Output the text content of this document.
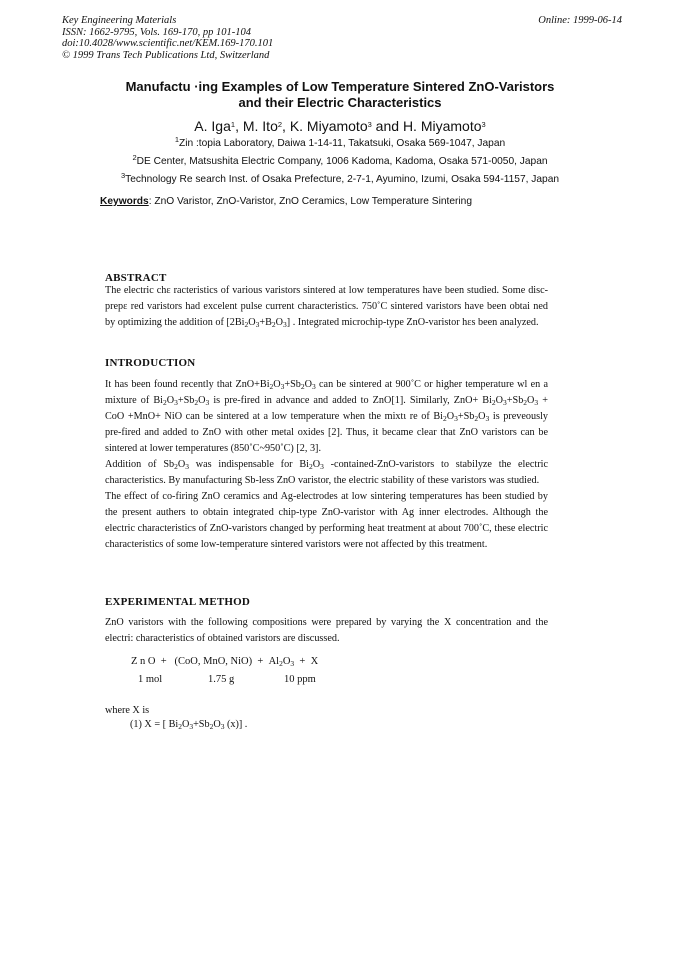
Key Engineering Materials
ISSN: 1662-9795, Vols. 169-170, pp 101-104
doi:10.4028/www.scientific.net/KEM.169-170.101
© 1999 Trans Tech Publications Ltd, Switzerland
Online: 1999-06-14
Manufactu ·ing Examples of Low Temperature Sintered ZnO-Varistors
and their Electric Characteristics
A. Iga$^1$, M. Ito$^2$, K. Miyamoto$^3$ and H. Miyamoto$^3$
$^1$Zin :topia Laboratory, Daiwa 1-14-11, Takatsuki, Osaka 569-1047, Japan
$^2$DE Center, Matsushita Electric Company, 1006 Kadoma, Kadoma, Osaka 571-0050, Japan
$^3$Technology Re search Inst. of Osaka Prefecture, 2-7-1, Ayumino, Izumi, Osaka 594-1157, Japan
Keywords: ZnO Varistor, ZnO-Varistor, ZnO Ceramics, Low Temperature Sintering
ABSTRACT
The electric chε racteristics of various varistors sintered at low temperatures have been studied. Some disc-prepε red varistors had excelent pulse current characteristics. 750˚C sintered varistors have been obtai ned by optimizing the addition of $[2Bi_2O_3+B_2O_3]$ . Integrated microchip-type ZnO-varistor hεs been analyzed.
INTRODUCTION
It has been found recently that $ZnO+Bi_2O_3+Sb_2O_3$ can be sintered at 900˚C or higher temperature wl en a mixture of $Bi_2O_3+Sb_2O_3$ is pre-fired in advance and added to ZnO[1]. Similarly, $ZnO+ Bi_2O_3+Sb_2O_3$ + CoO +MnO+ NiO can be sintered at a low temperature when the mixtι re of $Bi_2O_3+Sb_2O_3$ is preveously pre-fired and added to ZnO with other metal oxides [2]. Thus, it became clear that ZnO varistors can be sintered at lower temperatures (850˚C~950˚C) [2, 3].
Addition of $Sb_2O_3$ was indispensable for $Bi_2O_3$ -contained-ZnO-varistors to stabilyze the electric characteristics. By manufacturing Sb-less ZnO varistor, the electric stability of these varistors was studied.
The effect of co-firing ZnO ceramics and Ag-electrodes at low sintering temperatures has been studied by the present authers to obtain integrated chip-type ZnO-varistor with Ag inner electrodes. Although the electric characteristics of ZnO-varistors changed by performing heat treatment at about 700˚C, these electric characteristics of some low-temperature sintered varistors were not affected by this treatment.
EXPERIMENTAL METHOD
ZnO varistors with the following compositions were prepared by varying the X concentration and the electri: characteristics of obtained varistors are discussed.
Z n O  +   (CoO, MnO, $NiO) + Al_2O_3 + X$
1 mol	1.75 g	10 ppm
where X is
(1) X = [ $Bi_2O_3+Sb_2O_3$ (x)] .
